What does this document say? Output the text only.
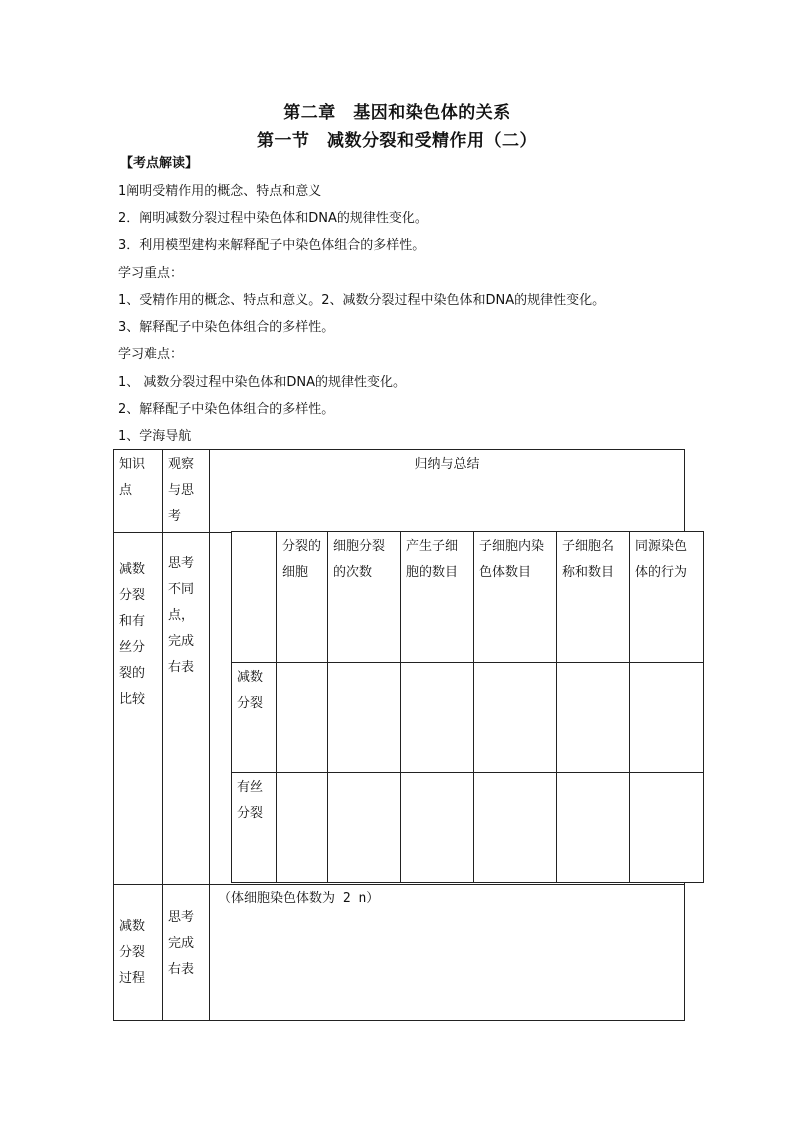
第二章　基因和染色体的关系
第一节　减数分裂和受精作用（二）
【考点解读】
1阐明受精作用的概念、特点和意义
2．阐明减数分裂过程中染色体和DNA的规律性变化。
3．利用模型建构来解释配子中染色体组合的多样性。
学习重点：
1、受精作用的概念、特点和意义。2、减数分裂过程中染色体和DNA的规律性变化。
3、解释配子中染色体组合的多样性。
学习难点：
1、 减数分裂过程中染色体和DNA的规律性变化。
2、解释配子中染色体组合的多样性。
1、学海导航
知识点	观察与思考	归纳与总结
减数分裂和有丝分裂的比较	思考不同点，完成右表	
减数分裂过程	思考完成右表	（体细胞染色体数为 2 n）
	分裂的细胞	细胞分裂的次数	产生子细胞的数目	子细胞内染色体数目	子细胞名称和数目	同源染色体的行为
减数分裂						
有丝分裂						
